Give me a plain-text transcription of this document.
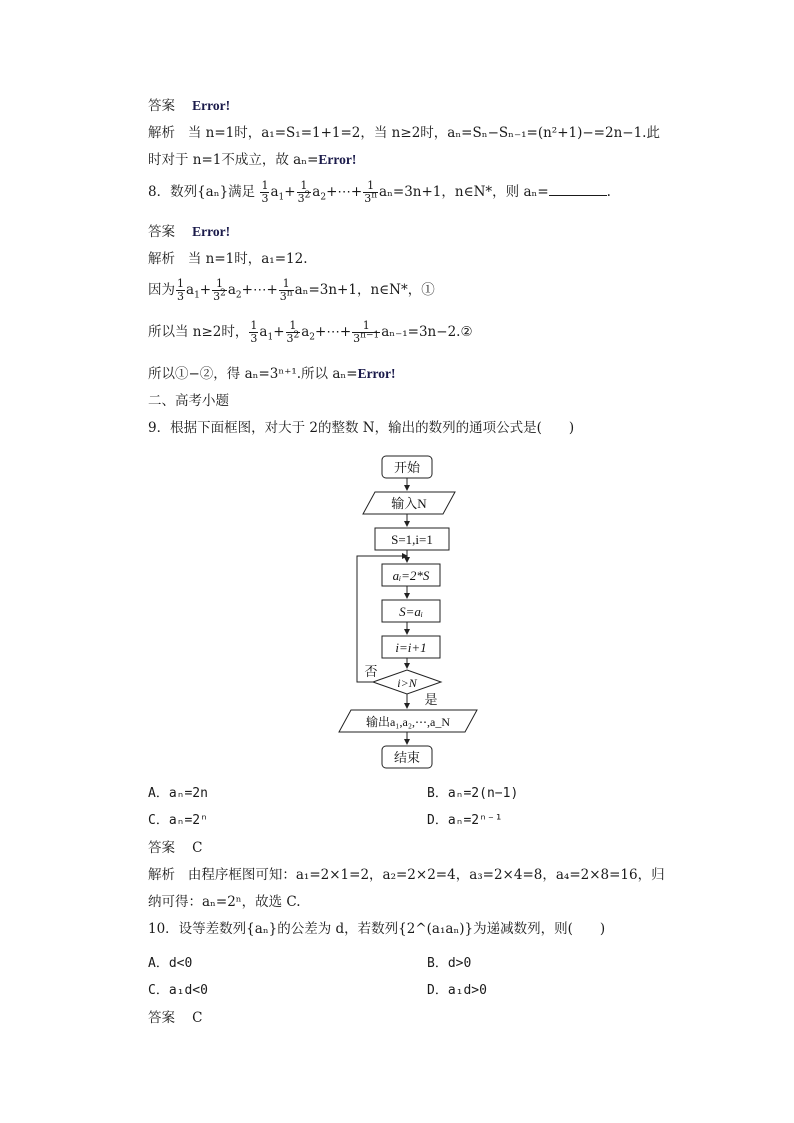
答案 Error!
解析 当 n=1时，a₁=S₁=1+1=2，当 n≥2时，aₙ=Sₙ−Sₙ₋₁=(n²+1)−=2n−1.此
时对于 n=1不成立，故 aₙ=Error!
8．数列{aₙ}满足 $\frac{1}{3} a_1+ \frac{1}{3^2}$ $a_2+\cdots+ \frac{1}{3^n} a_n=3n+1$，n∈N*，则 aₙ=	.
答案 Error!
解析 当 n=1时，a₁=12.
因为 $\frac{1}{3} a_1+ \frac{1}{3^2}$ $a_2+\cdots+ \frac{1}{3^n} a_n=3n+1$，n∈N*，①
所以当 n≥2时， $\frac{1}{3} a_1+ \frac{1}{3^2}$ $a_2+\cdots+ \frac{1}{3^{n-1}}$ aₙ₋₁=3n−2.②
所以①−②，得 aₙ=3ⁿ⁺¹.所以 aₙ=Error!
二、高考小题
9．根据下面框图，对大于 2的整数 N，输出的数列的通项公式是(　　)
开始
输入N
S=1,i=1
aᵢ=2*S
S=aᵢ
i=i+1
i>N
否
是
输出a₁,a₂,⋯,a_N
结束
A．aₙ=2n	B．aₙ=2(n−1)
C．aₙ=2ⁿ	D．aₙ=2ⁿ⁻¹
答案 C
解析 由程序框图可知：a₁=2×1=2，a₂=2×2=4，a₃=2×4=8，a₄=2×8=16，归
纳可得：aₙ=2ⁿ，故选 C.
10．设等差数列{aₙ}的公差为 d，若数列{2^(a₁aₙ)}为递减数列，则(　　)
A．d<0	B．d>0
C．a₁d<0	D．a₁d>0
答案 C
